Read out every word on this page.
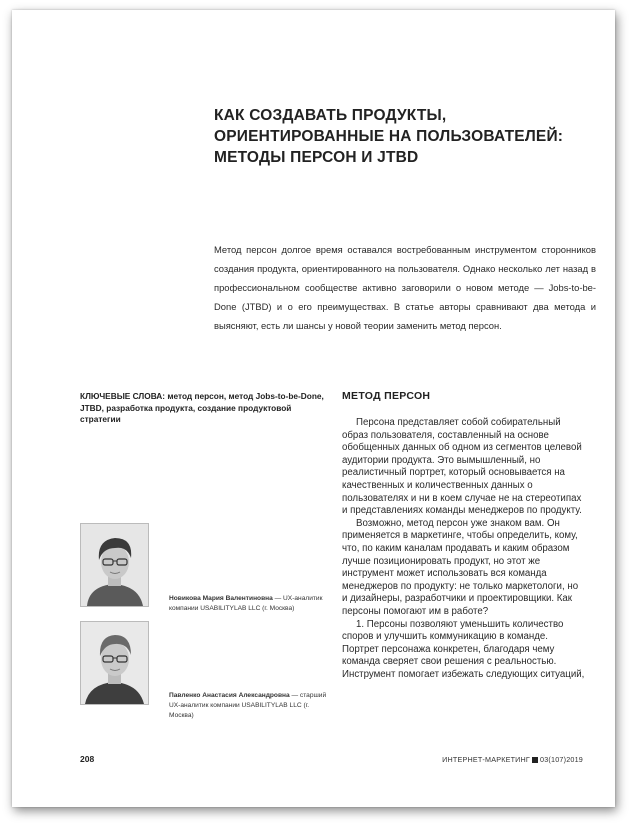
КАК СОЗДАВАТЬ ПРОДУКТЫ,
ОРИЕНТИРОВАННЫЕ НА ПОЛЬЗОВАТЕЛЕЙ:
МЕТОДЫ ПЕРСОН И JTBD
Метод персон долгое время оставался востребованным инструментом сторонников создания продукта, ориентированного на пользователя. Однако несколько лет назад в профессиональном сообществе активно заговорили о новом методе — Jobs-to-be-Done (JTBD) и о его преимуществах. В статье авторы сравнивают два метода и выясняют, есть ли шансы у новой теории заменить метод персон.
КЛЮЧЕВЫЕ СЛОВА: метод персон, метод Jobs-to-be-Done, JTBD, разработка продукта, создание продуктовой стратегии
МЕТОД ПЕРСОН

Персона представляет собой собирательный образ пользователя, составленный на основе обобщенных данных об одном из сегментов целевой аудитории продукта. Это вымышленный, но реалистичный портрет, который основывается на качественных и количественных данных о пользователях и ни в коем случае не на стереотипах и представлениях команды менеджеров по продукту.

Возможно, метод персон уже знаком вам. Он применяется в маркетинге, чтобы определить, кому, что, по каким каналам продавать и каким образом лучше позиционировать продукт, но этот же инструмент может использовать вся команда менеджеров по продукту: не только маркетологи, но и дизайнеры, разработчики и проектировщики. Как персоны помогают им в работе?

1. Персоны позволяют уменьшить количество споров и улучшить коммуникацию в команде. Портрет персонажа конкретен, благодаря чему команда сверяет свои решения с реальностью. Инструмент помогает избежать следующих ситуаций,

Новикова Мария Валентиновна — UX-аналитик компании USABILITYLAB LLC (г. Москва)
Павленко Анастасия Александровна — старший UX-аналитик компании USABILITYLAB LLC (г. Москва)
208	ИНТЕРНЕТ-МАРКЕТИНГ 03(107)2019
